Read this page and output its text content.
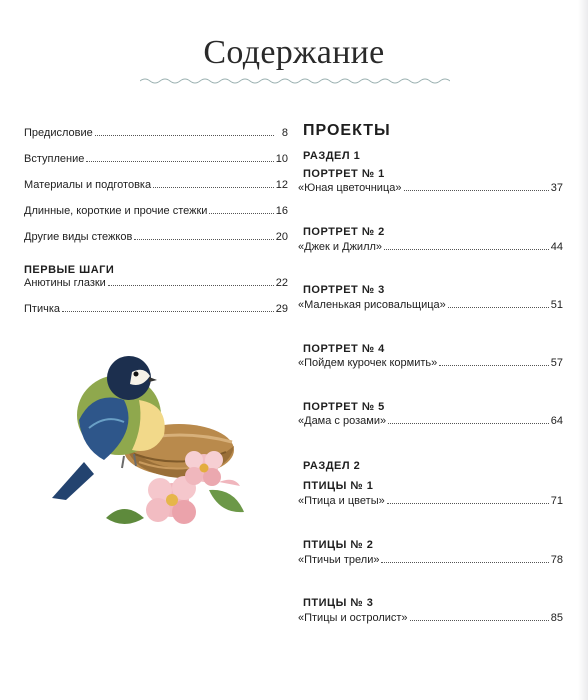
Содержание
Предисловие	8
Вступление	10
Материалы и подготовка	12
Длинные, короткие и прочие стежки	16
Другие виды стежков	20
ПЕРВЫЕ ШАГИ
Анютины глазки	22
Птичка	29
ПРОЕКТЫ
РАЗДЕЛ 1
ПОРТРЕТ № 1
«Юная цветочница»	37
ПОРТРЕТ № 2
«Джек и Джилл»	44
ПОРТРЕТ № 3
«Маленькая рисовальщица»	51
ПОРТРЕТ № 4
«Пойдем курочек кормить»	57
ПОРТРЕТ № 5
«Дама с розами»	64
РАЗДЕЛ 2
ПТИЦЫ № 1
«Птица и цветы»	71
ПТИЦЫ № 2
«Птичьи трели»	78
ПТИЦЫ № 3
«Птицы и остролист»	85
